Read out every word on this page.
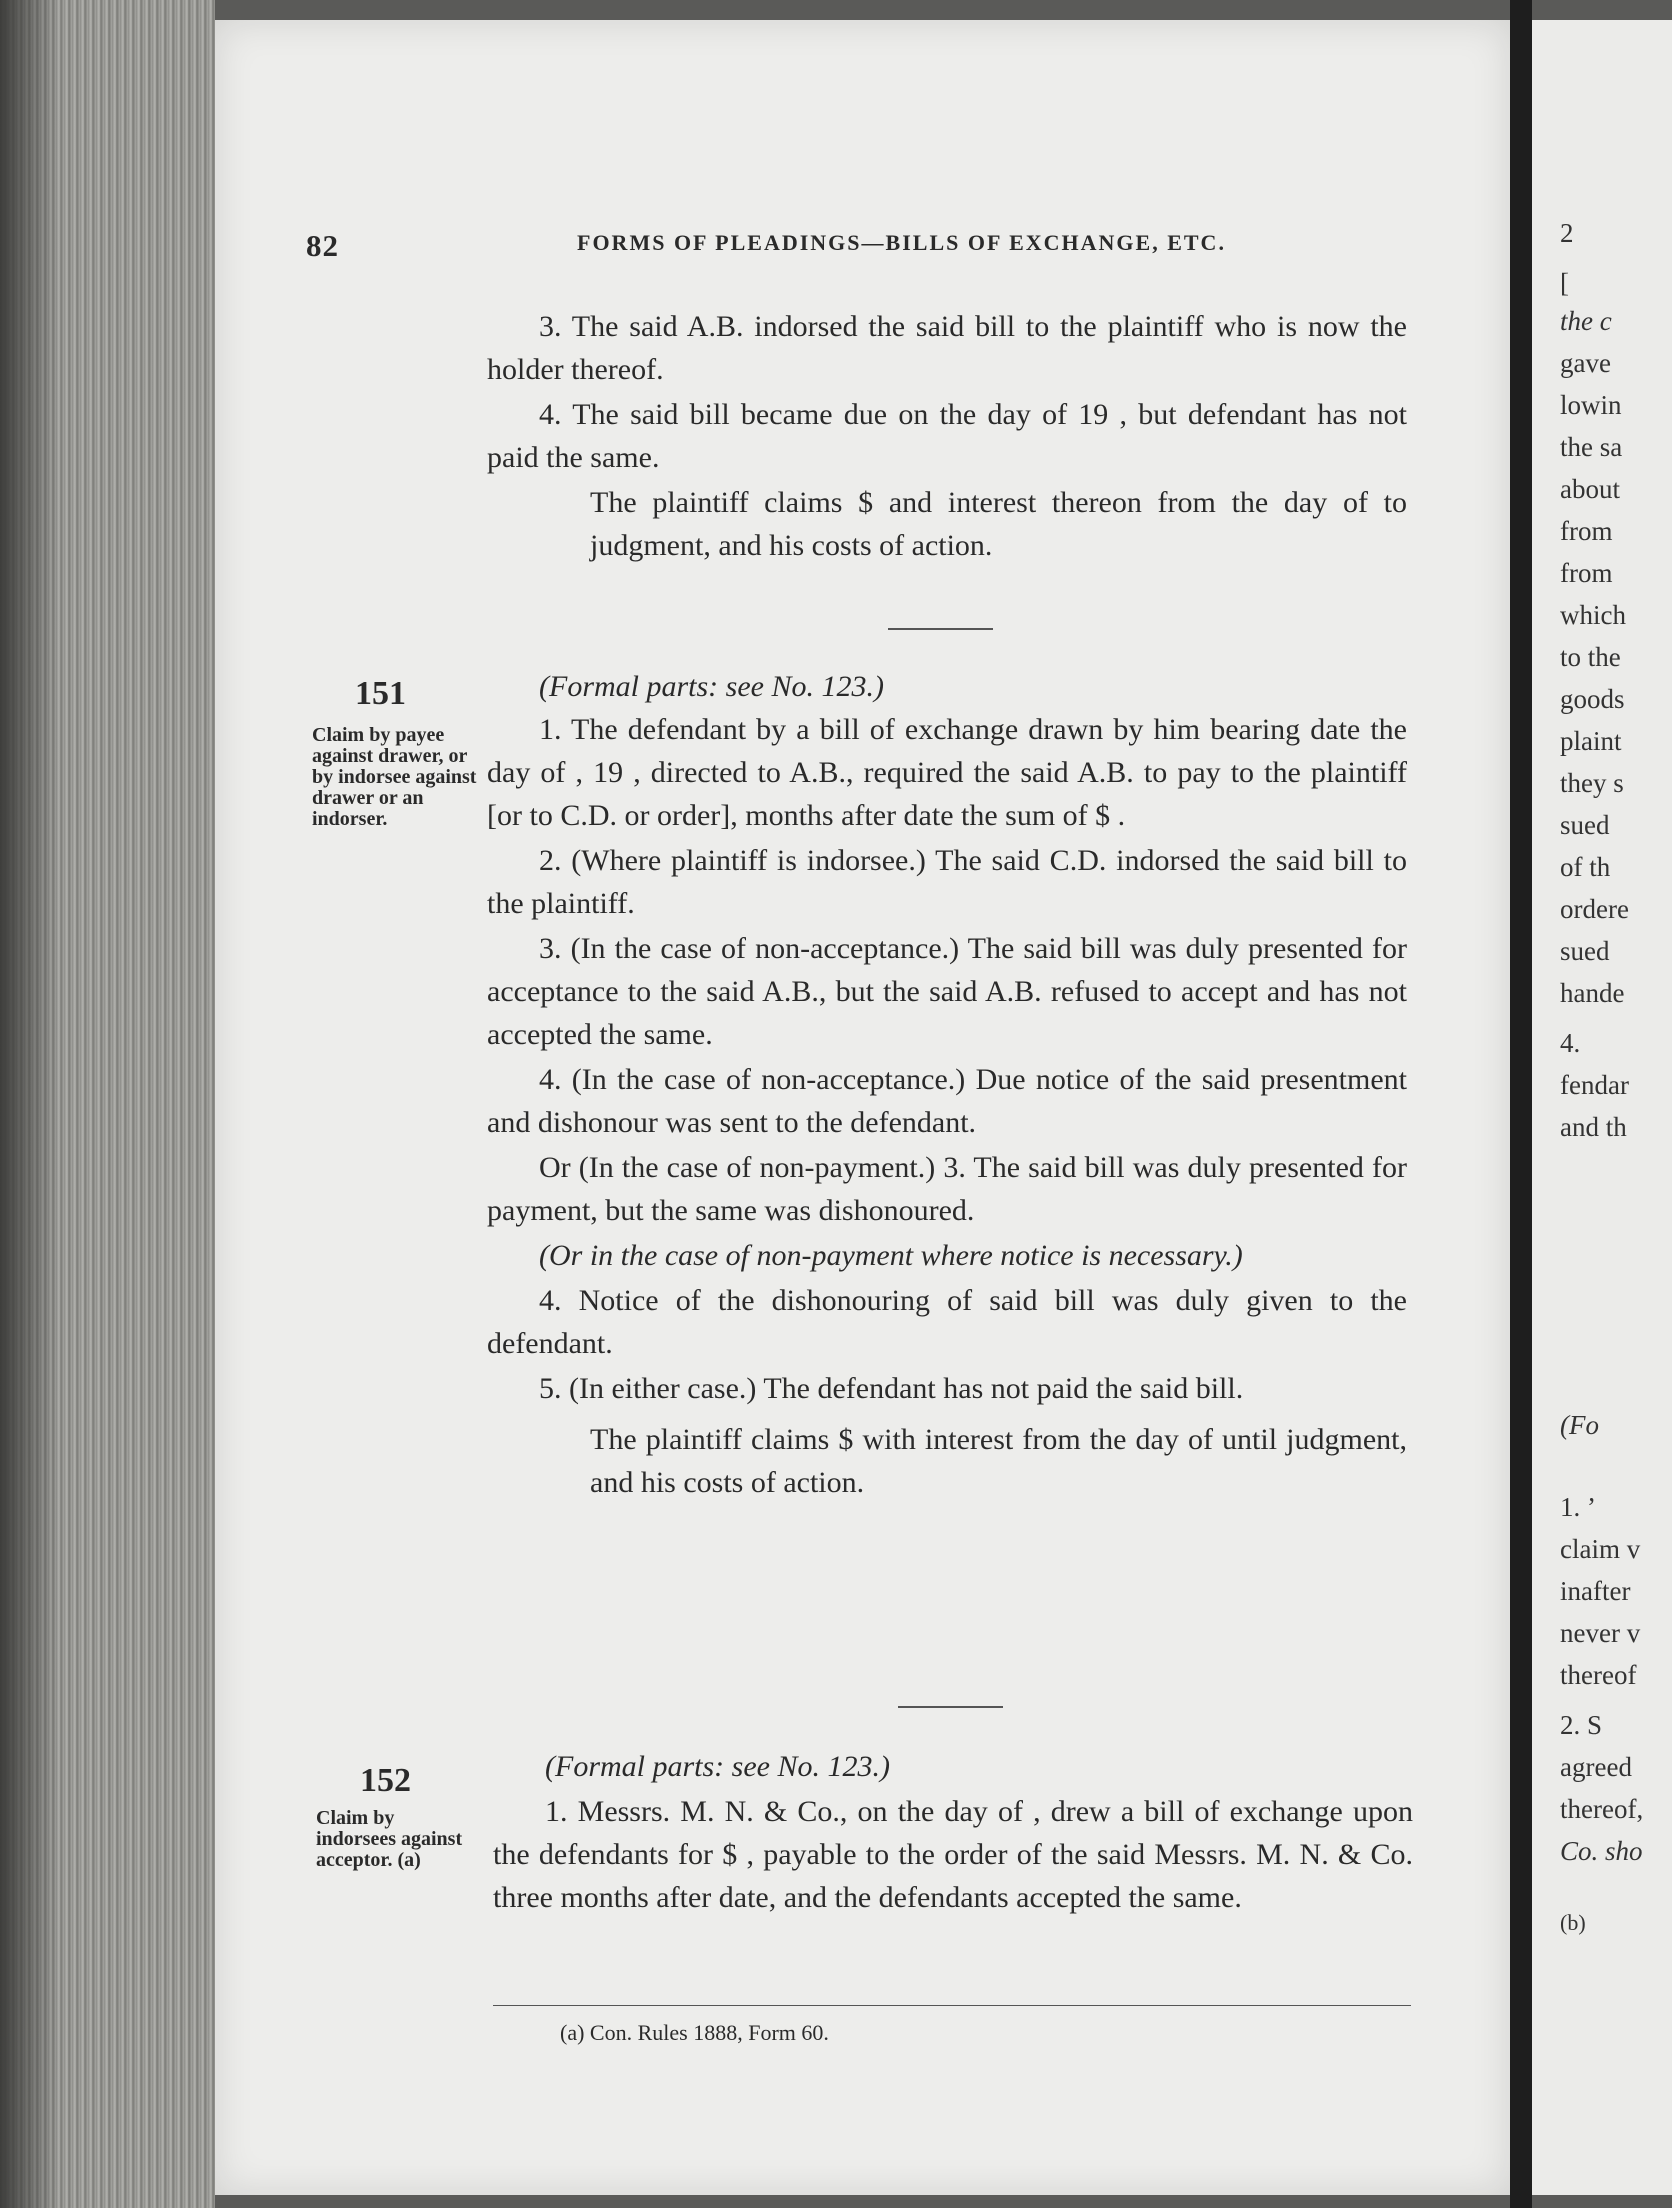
2
[
the c
gave
lowin
the sa
about
from
from
which
to the
goods
plaint
they s
sued
of th
ordere
sued
hande
4.
fendar
and th
(Fo
1. ’
claim v
inafter
never v
thereof
2. S
agreed
thereof,
Co. sho
(b)
82	FORMS OF PLEADINGS—BILLS OF EXCHANGE, ETC.

3. The said A.B. indorsed the said bill to the plaintiff who is now the holder thereof.

4. The said bill became due on the day of 19 , but defendant has not paid the same.

The plaintiff claims $ and interest thereon from the day of to judgment, and his costs of action.

151
Claim by payee against drawer, or by indorsee against drawer or an indorser.

(Formal parts: see No. 123.)

1. The defendant by a bill of exchange drawn by him bearing date the day of , 19 , directed to A.B., required the said A.B. to pay to the plaintiff [or to C.D. or order], months after date the sum of $ .

2. (Where plaintiff is indorsee.) The said C.D. indorsed the said bill to the plaintiff.

3. (In the case of non-acceptance.) The said bill was duly presented for acceptance to the said A.B., but the said A.B. refused to accept and has not accepted the same.

4. (In the case of non-acceptance.) Due notice of the said presentment and dishonour was sent to the defendant.

Or (In the case of non-payment.) 3. The said bill was duly presented for payment, but the same was dishonoured.

(Or in the case of non-payment where notice is necessary.)

4. Notice of the dishonouring of said bill was duly given to the defendant.

5. (In either case.) The defendant has not paid the said bill.

The plaintiff claims $ with interest from the day of until judgment, and his costs of action.

152
Claim by indorsees against acceptor. (a)

(Formal parts: see No. 123.)

1. Messrs. M. N. & Co., on the day of , drew a bill of exchange upon the defendants for $ , payable to the order of the said Messrs. M. N. & Co. three months after date, and the defendants accepted the same.

(a) Con. Rules 1888, Form 60.
